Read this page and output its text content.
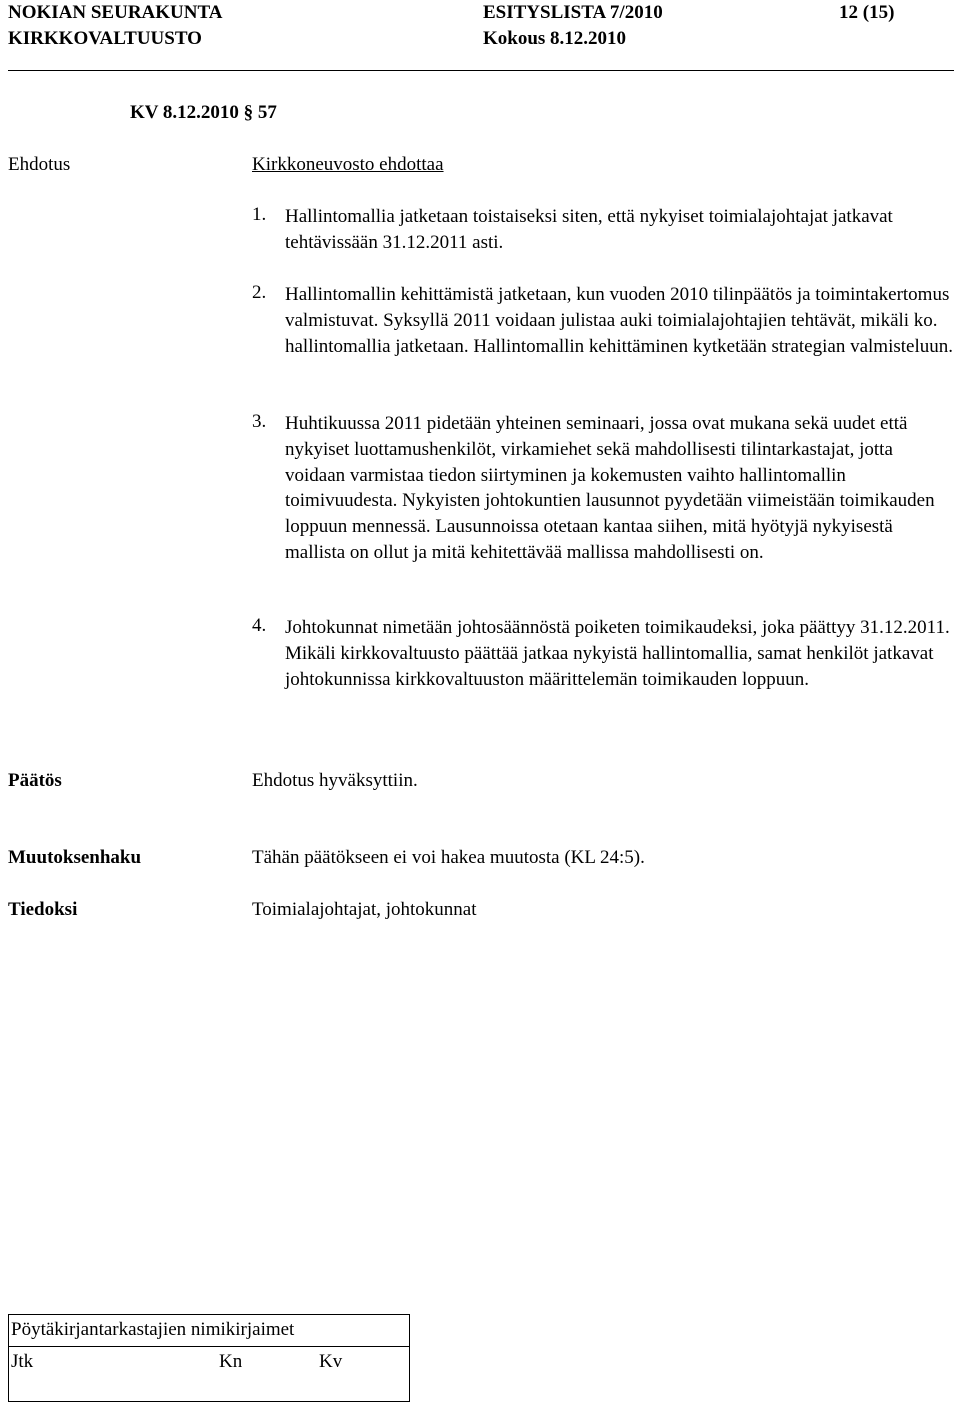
NOKIAN SEURAKUNTA	ESITYSLISTA 7/2010	12 (15)
KIRKKOVALTUUSTO	Kokous 8.12.2010
KV 8.12.2010 § 57
Ehdotus	Kirkkoneuvosto ehdottaa
1. Hallintomallia jatketaan toistaiseksi siten, että nykyiset toimialajohtajat jatkavat tehtävissään 31.12.2011 asti.
2. Hallintomallin kehittämistä jatketaan, kun vuoden 2010 tilinpäätös ja toimintakertomus valmistuvat. Syksyllä 2011 voidaan julistaa auki toimialajohtajien tehtävät, mikäli ko. hallintomallia jatketaan. Hallintomallin kehittäminen kytketään strategian valmisteluun.
3. Huhtikuussa 2011 pidetään yhteinen seminaari, jossa ovat mukana sekä uudet että nykyiset luottamushenkilöt, virkamiehet sekä mahdollisesti tilintarkastajat, jotta voidaan varmistaa tiedon siirtyminen ja kokemusten vaihto hallintomallin toimivuudesta. Nykyisten johtokuntien lausunnot pyydetään viimeistään toimikauden loppuun mennessä. Lausunnoissa otetaan kantaa siihen, mitä hyötyjä nykyisestä mallista on ollut ja mitä kehitettävää mallissa mahdollisesti on.
4. Johtokunnat nimetään johtosäännöstä poiketen toimikaudeksi, joka päättyy 31.12.2011. Mikäli kirkkovaltuusto päättää jatkaa nykyistä hallintomallia, samat henkilöt jatkavat johtokunnissa kirkkovaltuuston määrittelemän toimikauden loppuun.
Päätös	Ehdotus hyväksyttiin.
Muutoksenhaku	Tähän päätökseen ei voi hakea muutosta (KL 24:5).
Tiedoksi	Toimialajohtajat, johtokunnat
Pöytäkirjantarkastajien nimikirjaimet
Jtk	Kn	Kv
